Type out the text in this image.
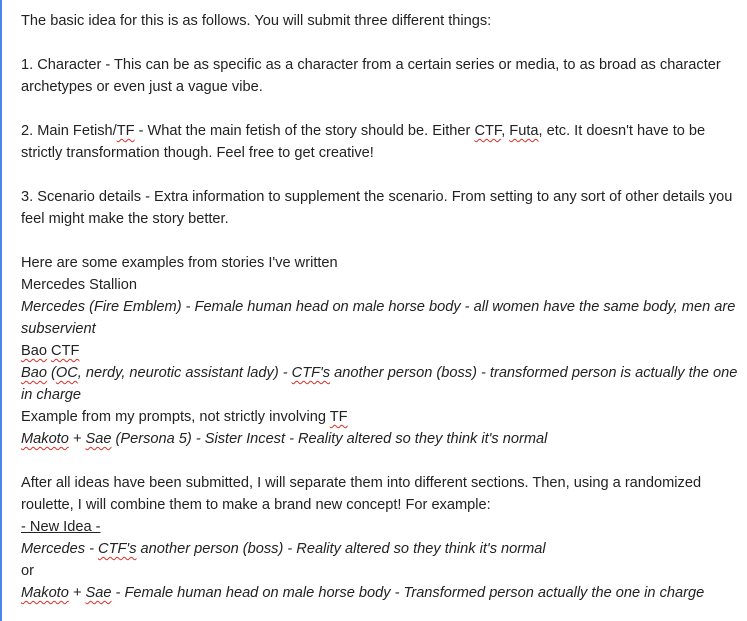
The basic idea for this is as follows. You will submit three different things:
1. Character - This can be as specific as a character from a certain series or media, to as broad as character archetypes or even just a vague vibe.
2. Main Fetish/TF - What the main fetish of the story should be. Either CTF, Futa, etc. It doesn't have to be strictly transformation though. Feel free to get creative!
3. Scenario details - Extra information to supplement the scenario. From setting to any sort of other details you feel might make the story better.
Here are some examples from stories I've written
Mercedes Stallion
Mercedes (Fire Emblem) - Female human head on male horse body - all women have the same body, men are subservient
Bao CTF
Bao (OC, nerdy, neurotic assistant lady) - CTF's another person (boss) - transformed person is actually the one in charge
Example from my prompts, not strictly involving TF
Makoto + Sae (Persona 5) - Sister Incest - Reality altered so they think it's normal
After all ideas have been submitted, I will separate them into different sections. Then, using a randomized roulette, I will combine them to make a brand new concept! For example:
- New Idea -
Mercedes - CTF's another person (boss) - Reality altered so they think it's normal
or
Makoto + Sae - Female human head on male horse body - Transformed person actually the one in charge
